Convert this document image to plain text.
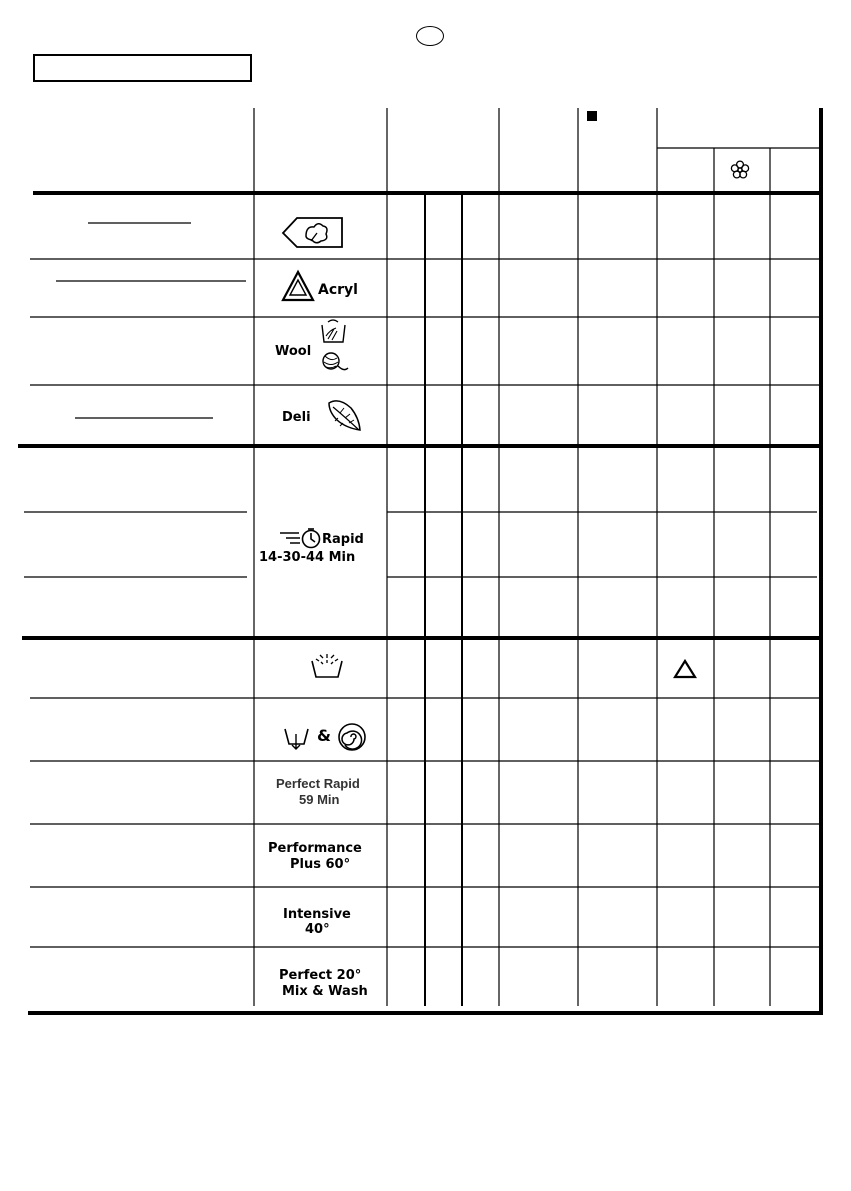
Acryl
Wool
Deli
Rapid
14-30-44 Min
&
Perfect Rapid
59 Min
Performance
Plus 60°
Intensive
40°
Perfect 20°
Mix & Wash
